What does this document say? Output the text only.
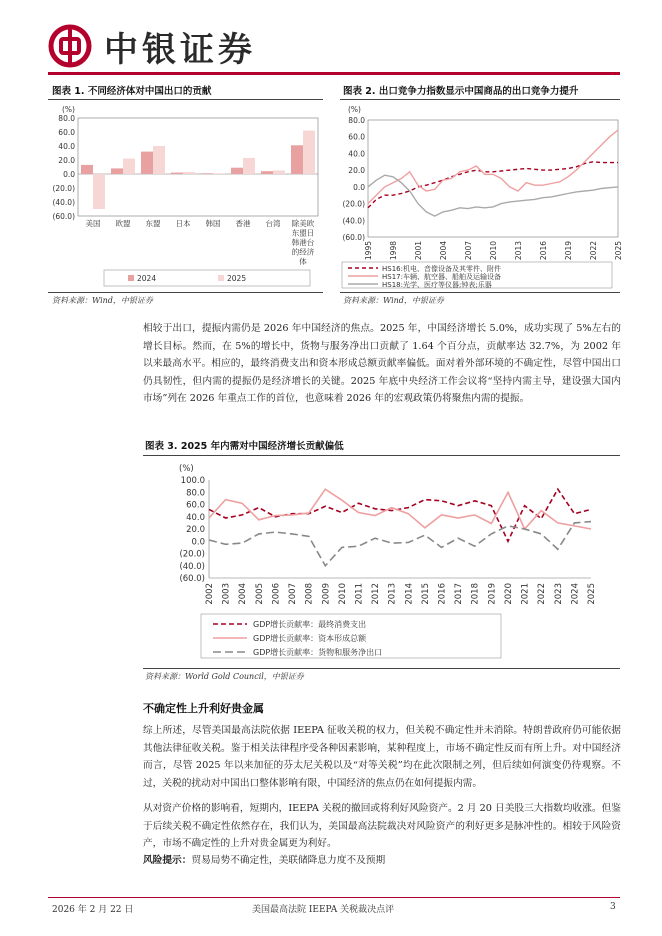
中银证券
图表 1. 不同经济体对中国出口的贡献
(%)
80.0
60.0
40.0
20.0
0.0
(20.0)
(40.0)
(60.0)
美国 欧盟 东盟 日本 韩国 香港 台湾 除美欧
东盟日
韩港台
的经济
体
2024	2025
资料来源：Wind，中银证券
图表 2. 出口竞争力指数显示中国商品的出口竞争力提升
(%)
80.0
60.0
40.0
20.0
0.0
(20.0)
(40.0)
(60.0)
1995 1998 2001 2004 2007 2010 2013 2016 2019 2022 2025
HS16:机电、音像设备及其零件、附件
HS17:车辆、航空器、船舶及运输设备
HS18:光学、医疗等仪器;钟表;乐器
资料来源：Wind，中银证券
相较于出口，提振内需仍是 2026 年中国经济的焦点。2025 年，中国经济增长 5.0%，成功实现了 5%左右的增长目标。然而，在 5%的增长中，货物与服务净出口贡献了 1.64 个百分点，贡献率达 32.7%，为 2002 年以来最高水平。相应的，最终消费支出和资本形成总额贡献率偏低。面对着外部环境的不确定性，尽管中国出口仍具韧性，但内需的提振仍是经济增长的关键。2025 年底中央经济工作会议将“坚持内需主导，建设强大国内市场”列在 2026 年重点工作的首位，也意味着 2026 年的宏观政策仍将聚焦内需的提振。
图表 3. 2025 年内需对中国经济增长贡献偏低
(%)
100.0
80.0
60.0
40.0
20.0
0.0
(20.0)
(40.0)
(60.0)
2002 2003 2004 2005 2006 2007 2008 2009 2010 2011 2012 2013 2014 2015 2016 2017 2018 2019 2020 2021 2022 2023 2024 2025
GDP增长贡献率：最终消费支出
GDP增长贡献率：资本形成总额
GDP增长贡献率：货物和服务净出口
资料来源：World Gold Council，中银证券
不确定性上升利好贵金属
综上所述，尽管美国最高法院依据 IEEPA 征收关税的权力，但关税不确定性并未消除。特朗普政府仍可能依据其他法律征收关税。鉴于相关法律程序受各种因素影响，某种程度上，市场不确定性反而有所上升。对中国经济而言，尽管 2025 年以来加征的芬太尼关税以及“对等关税”均在此次限制之列，但后续如何演变仍待观察。不过，关税的扰动对中国出口整体影响有限，中国经济的焦点仍在如何提振内需。
从对资产价格的影响看，短期内，IEEPA 关税的撤回或将利好风险资产。2 月 20 日美股三大指数均收涨。但鉴于后续关税不确定性依然存在，我们认为，美国最高法院裁决对风险资产的利好更多是脉冲性的。相较于风险资产，市场不确定性的上升对贵金属更为利好。
风险提示：贸易局势不确定性，美联储降息力度不及预期
2026 年 2 月 22 日	美国最高法院 IEEPA 关税裁决点评	3
